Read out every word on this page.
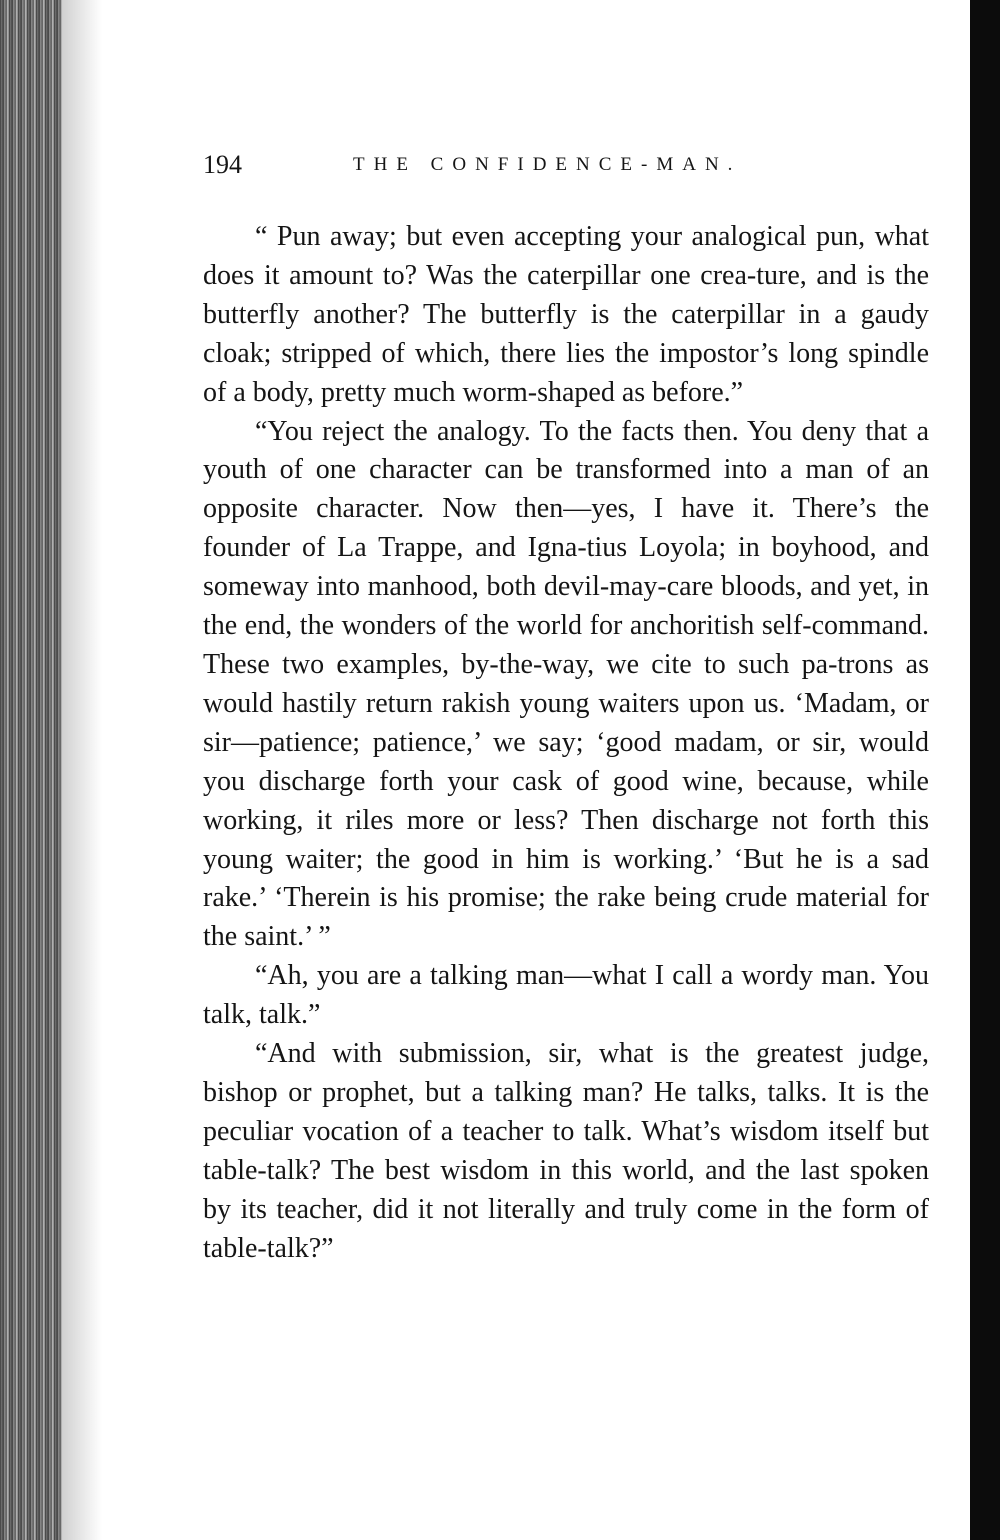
194	THE CONFIDENCE-MAN.

“ Pun away; but even accepting your analogical pun, what does it amount to? Was the caterpillar one crea-ture, and is the butterfly another? The butterfly is the caterpillar in a gaudy cloak; stripped of which, there lies the impostor’s long spindle of a body, pretty much worm-shaped as before.”

“You reject the analogy. To the facts then. You deny that a youth of one character can be transformed into a man of an opposite character. Now then—yes, I have it. There’s the founder of La Trappe, and Igna-tius Loyola; in boyhood, and someway into manhood, both devil-may-care bloods, and yet, in the end, the wonders of the world for anchoritish self-command. These two examples, by-the-way, we cite to such pa-trons as would hastily return rakish young waiters upon us. ‘Madam, or sir—patience; patience,’ we say; ‘good madam, or sir, would you discharge forth your cask of good wine, because, while working, it riles more or less? Then discharge not forth this young waiter; the good in him is working.’ ‘But he is a sad rake.’ ‘Therein is his promise; the rake being crude material for the saint.’ ”

“Ah, you are a talking man—what I call a wordy man. You talk, talk.”

“And with submission, sir, what is the greatest judge, bishop or prophet, but a talking man? He talks, talks. It is the peculiar vocation of a teacher to talk. What’s wisdom itself but table-talk? The best wisdom in this world, and the last spoken by its teacher, did it not literally and truly come in the form of table-talk?”
